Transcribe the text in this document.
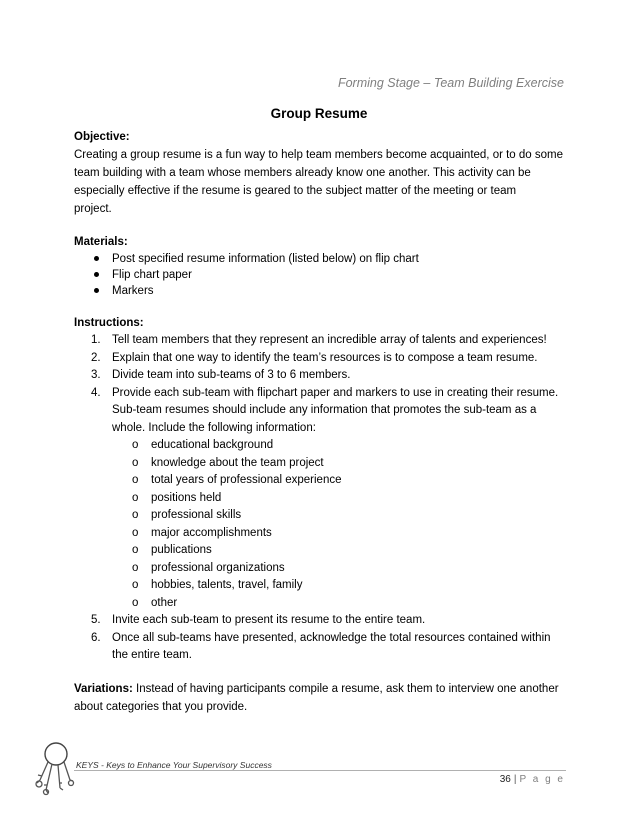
Forming Stage – Team Building Exercise
Group Resume
Objective:
Creating a group resume is a fun way to help team members become acquainted, or to do some
team building with a team whose members already know one another. This activity can be
especially effective if the resume is geared to the subject matter of the meeting or team
project.
Materials:
Post specified resume information (listed below) on flip chart
Flip chart paper
Markers
Instructions:
1. Tell team members that they represent an incredible array of talents and experiences!
2. Explain that one way to identify the team’s resources is to compose a team resume.
3. Divide team into sub-teams of 3 to 6 members.
4. Provide each sub-team with flipchart paper and markers to use in creating their resume.
Sub-team resumes should include any information that promotes the sub-team as a
whole. Include the following information:
o educational background
o knowledge about the team project
o total years of professional experience
o positions held
o professional skills
o major accomplishments
o publications
o professional organizations
o hobbies, talents, travel, family
o other
5. Invite each sub-team to present its resume to the entire team.
6. Once all sub-teams have presented, acknowledge the total resources contained within
the entire team.
Variations: Instead of having participants compile a resume, ask them to interview one another
about categories that you provide.
KEYS - Keys to Enhance Your Supervisory Success
36 | P a g e
